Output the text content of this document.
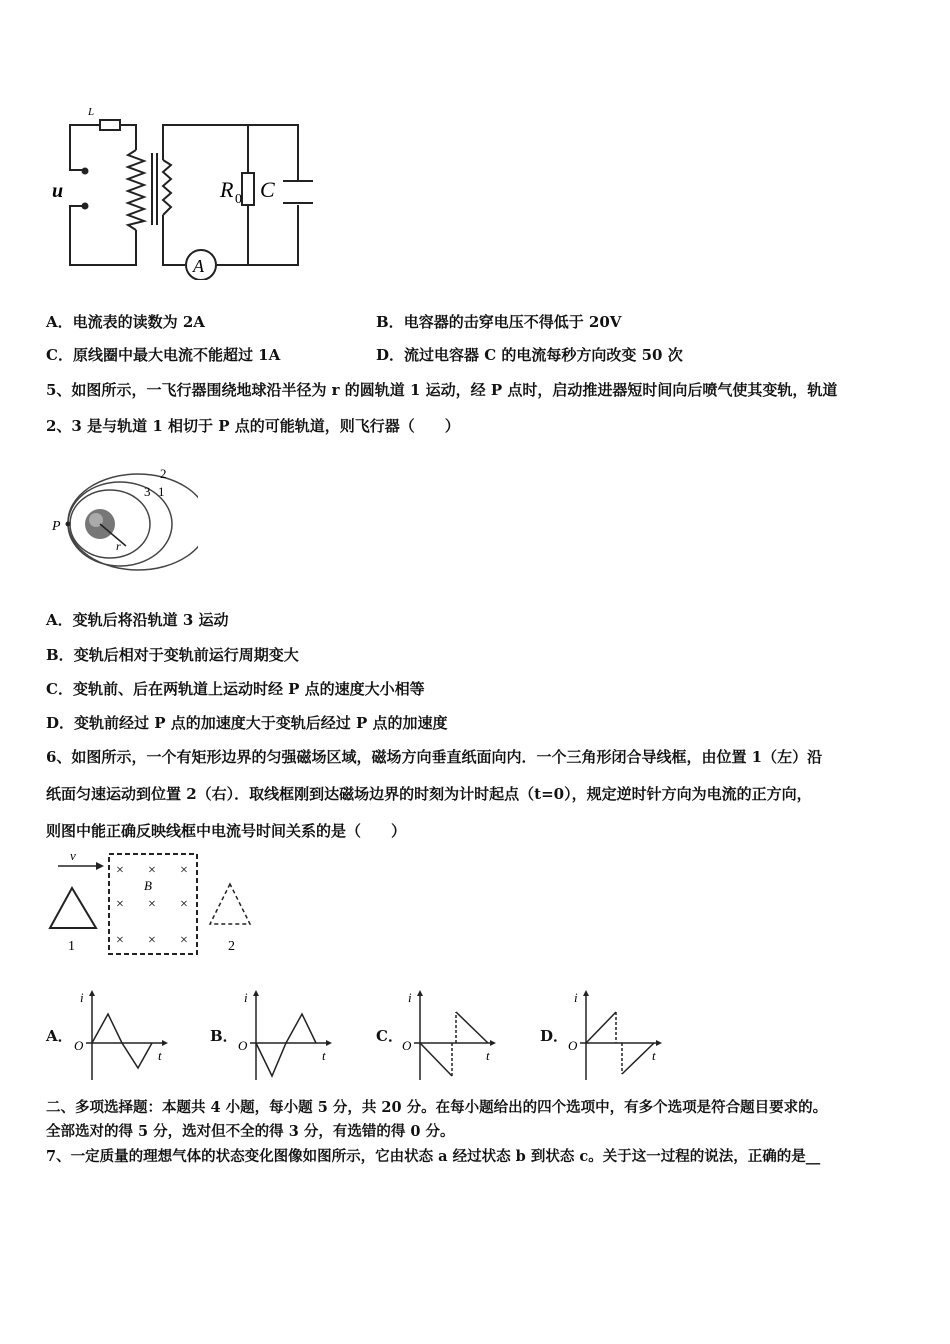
L
u	R 0 C
A
A．电流表的读数为 2A	B．电容器的击穿电压不得低于 20V
C．原线圈中最大电流不能超过 1A	D．流过电容器 C 的电流每秒方向改变 50 次
5、如图所示，一飞行器围绕地球沿半径为 r 的圆轨道 1 运动，经 P 点时，启动推进器短时间向后喷气使其变轨，轨道
2、3 是与轨道 1 相切于 P 点的可能轨道，则飞行器（　　）
P
r
3 1
2
A．变轨后将沿轨道 3 运动
B．变轨后相对于变轨前运行周期变大
C．变轨前、后在两轨道上运动时经 P 点的速度大小相等
D．变轨前经过 P 点的加速度大于变轨后经过 P 点的加速度
6、如图所示，一个有矩形边界的匀强磁场区域，磁场方向垂直纸面向内．一个三角形闭合导线框，由位置 1（左）沿
纸面匀速运动到位置 2（右）．取线框刚到达磁场边界的时刻为计时起点（t=0），规定逆时针方向为电流的正方向，
则图中能正确反映线框中电流号时间关系的是（　　）
v
1
× × ×
× × ×
× × ×
B
2
A．
i
t
O
B．
i
t
O
C．
i
t
O
D．
i
t
O
二、多项选择题：本题共 4 小题，每小题 5 分，共 20 分。在每小题给出的四个选项中，有多个选项是符合题目要求的。
全部选对的得 5 分，选对但不全的得 3 分，有选错的得 0 分。
7、一定质量的理想气体的状态变化图像如图所示，它由状态 a 经过状态 b 到状态 c。关于这一过程的说法，正确的是__
